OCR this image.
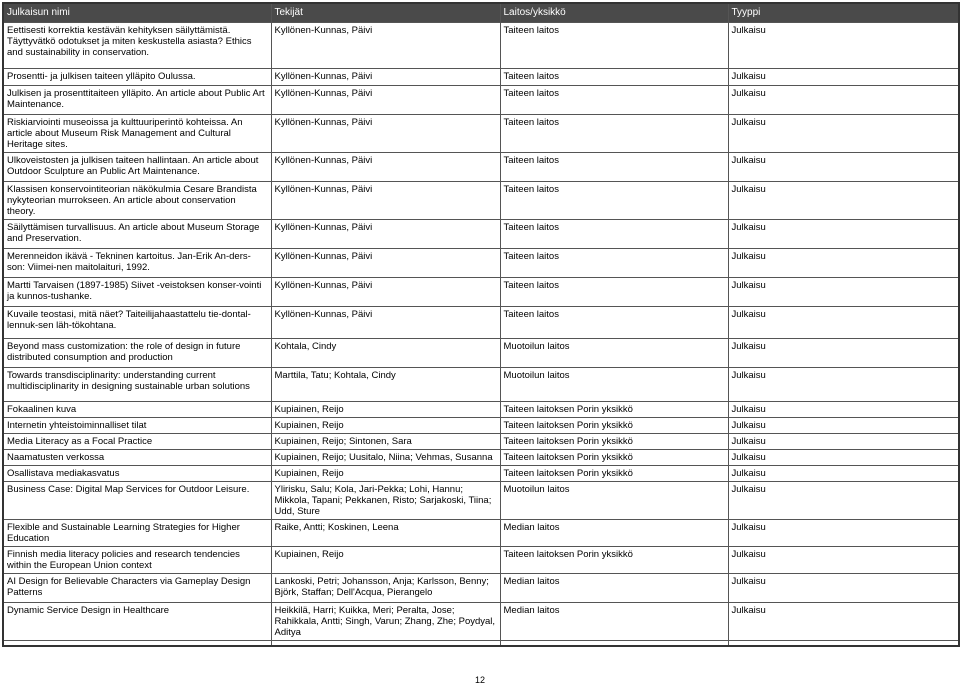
Julkaisun nimi	Tekijät	Laitos/yksikkö	Tyyppi
Eettisesti korrektia kestävän kehityksen säilyttämistä. Täyttyvätkö odotukset ja miten keskustella asiasta? Ethics and sustainability in conservation.	Kyllönen-Kunnas, Päivi	Taiteen laitos	Julkaisu
Prosentti- ja julkisen taiteen ylläpito Oulussa.	Kyllönen-Kunnas, Päivi	Taiteen laitos	Julkaisu
Julkisen ja prosenttitaiteen ylläpito. An article about Public Art Maintenance.	Kyllönen-Kunnas, Päivi	Taiteen laitos	Julkaisu
Riskiarviointi museoissa ja kulttuuriperintö kohteissa. An article about Museum Risk Management and Cultural Heritage sites.	Kyllönen-Kunnas, Päivi	Taiteen laitos	Julkaisu
Ulkoveistosten ja julkisen taiteen hallintaan. An article about Outdoor Sculpture an Public Art Maintenance.	Kyllönen-Kunnas, Päivi	Taiteen laitos	Julkaisu
Klassisen konservointiteorian näkökulmia Cesare Brandista nykyteorian murrokseen. An article about conservation theory.	Kyllönen-Kunnas, Päivi	Taiteen laitos	Julkaisu
Säilyttämisen turvallisuus. An article about Museum Storage and Preservation.	Kyllönen-Kunnas, Päivi	Taiteen laitos	Julkaisu
Merenneidon ikävä - Tekninen kartoitus. Jan-Erik An-ders-son: Viimei-nen maitolaituri, 1992.	Kyllönen-Kunnas, Päivi	Taiteen laitos	Julkaisu
Martti Tarvaisen (1897-1985) Siivet -veistoksen konser-vointi ja kunnos-tushanke.	Kyllönen-Kunnas, Päivi	Taiteen laitos	Julkaisu
Kuvaile teostasi, mitä näet? Taiteilijahaastattelu tie-dontal-lennuk-sen läh-tökohtana.	Kyllönen-Kunnas, Päivi	Taiteen laitos	Julkaisu
Beyond mass customization: the role of design in future distributed consumption and production	Kohtala, Cindy	Muotoilun laitos	Julkaisu
Towards transdisciplinarity: understanding current multidisciplinarity in designing sustainable urban solutions	Marttila, Tatu; Kohtala, Cindy	Muotoilun laitos	Julkaisu
Fokaalinen kuva	Kupiainen, Reijo	Taiteen laitoksen Porin yksikkö	Julkaisu
Internetin yhteistoiminnalliset tilat	Kupiainen, Reijo	Taiteen laitoksen Porin yksikkö	Julkaisu
Media Literacy as a Focal Practice	Kupiainen, Reijo; Sintonen, Sara	Taiteen laitoksen Porin yksikkö	Julkaisu
Naamatusten verkossa	Kupiainen, Reijo; Uusitalo, Niina; Vehmas, Susanna	Taiteen laitoksen Porin yksikkö	Julkaisu
Osallistava mediakasvatus	Kupiainen, Reijo	Taiteen laitoksen Porin yksikkö	Julkaisu
Business Case: Digital Map Services for Outdoor Leisure.	Ylirisku, Salu; Kola, Jari-Pekka; Lohi, Hannu; Mikkola, Tapani; Pekkanen, Risto; Sarjakoski, Tiina; Udd, Sture	Muotoilun laitos	Julkaisu
Flexible and Sustainable Learning Strategies for Higher Education	Raike, Antti; Koskinen, Leena	Median laitos	Julkaisu
Finnish media literacy policies and research tendencies within the European Union context	Kupiainen, Reijo	Taiteen laitoksen Porin yksikkö	Julkaisu
AI Design for Believable Characters via Gameplay Design Patterns	Lankoski, Petri; Johansson, Anja; Karlsson, Benny; Björk, Staffan; Dell'Acqua, Pierangelo	Median laitos	Julkaisu
Dynamic Service Design in Healthcare	Heikkilä, Harri; Kuikka, Meri; Peralta, Jose; Rahikkala, Antti; Singh, Varun; Zhang, Zhe; Poydyal, Aditya	Median laitos	Julkaisu

12
